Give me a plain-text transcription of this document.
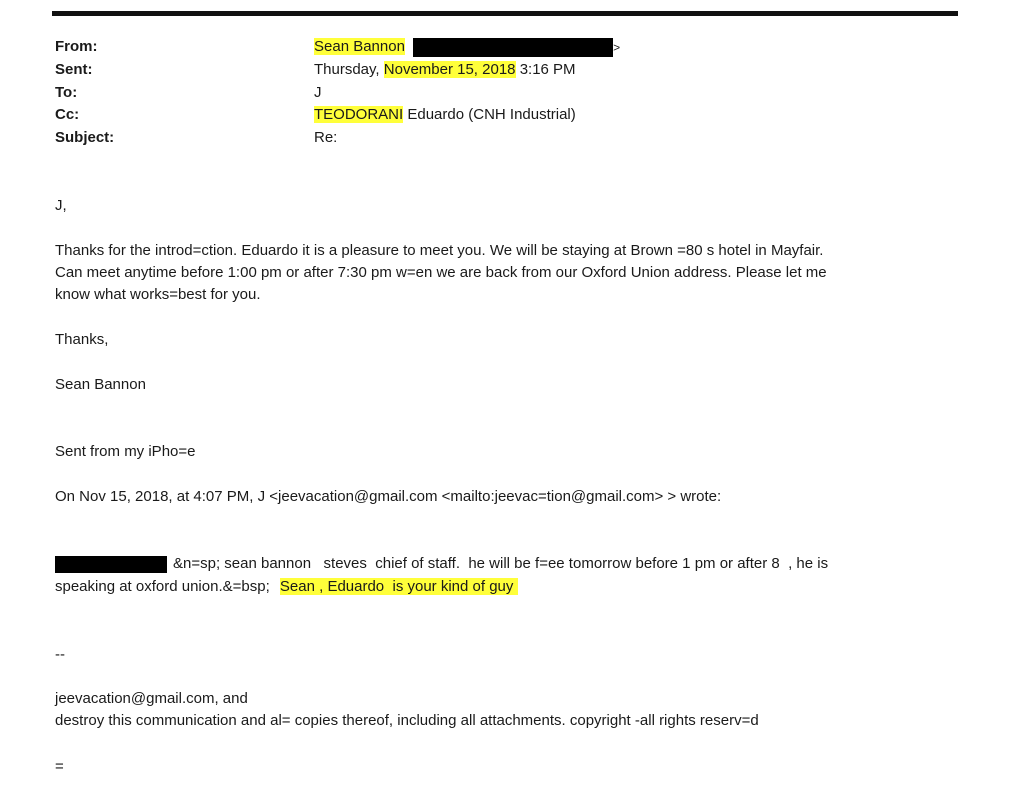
From:	Sean Bannon	>
Sent:	Thursday, November 15, 2018 3:16 PM
To:	J
Cc:	TEODORANI Eduardo (CNH Industrial)
Subject:	Re:
J,
Thanks for the introd=ction. Eduardo it is a pleasure to meet you. We will be staying at Brown =80 s hotel in Mayfair.
Can meet anytime before 1:00 pm or after 7:30 pm w=en we are back from our Oxford Union address. Please let me
know what works=best for you.
Thanks,
Sean Bannon
Sent from my iPho=e
On Nov 15, 2018, at 4:07 PM, J <jeevacation@gmail.com <mailto:jeevac=tion@gmail.com> > wrote:
&n=sp; sean bannon   steves  chief of staff.  he will be f=ee tomorrow before 1 pm or after 8  , he is
speaking at oxford union.&=bsp; Sean , Eduardo  is your kind of guy
--
jeevacation@gmail.com, and
destroy this communication and al= copies thereof, including all attachments. copyright -all rights reserv=d
=
